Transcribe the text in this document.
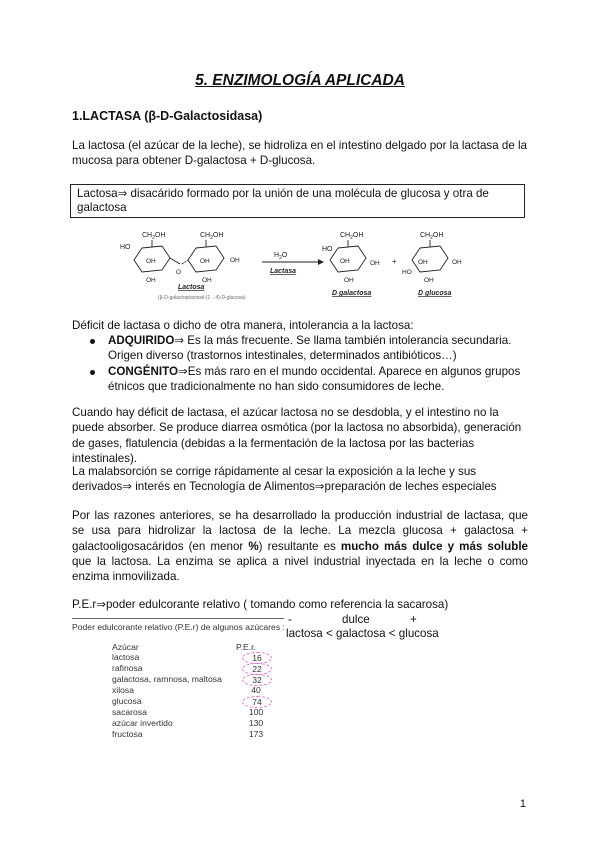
5. ENZIMOLOGÍA APLICADA
1.LACTASA (β-D-Galactosidasa)
La lactosa (el azúcar de la leche), se hidroliza en el intestino delgado por la lactasa de la mucosa para obtener D-galactosa + D-glucosa.
Lactosa⇒ disacárido formado por la unión de una molécula de glucosa y otra de galactosa
$CH_2OH$	$CH_2OH$
HO
OH
OH
O
OH
OH
OH
Lactosa
(β-D-galactopiranosil-(1→4)-D-glucosa)
$H_2O$
Lactasa
$CH_2OH$
HO
OH	OH
OH
D galactosa
+
$CH_2OH$
OH	OH
HO
OH
D glucosa
Déficit de lactasa o dicho de otra manera, intolerancia a la lactosa:
ADQUIRIDO⇒ Es la más frecuente. Se llama también intolerancia secundaria. Origen diverso (trastornos intestinales, determinados antibióticos…)
CONGÉNITO⇒Es más raro en el mundo occidental. Aparece en algunos grupos étnicos que tradicionalmente no han sido consumidores de leche.
Cuando hay déficit de lactasa, el azúcar lactosa no se desdobla, y el intestino no la puede absorber. Se produce diarrea osmótica (por la lactosa no absorbida), generación de gases, flatulencia (debidas a la fermentación de la lactosa por las bacterias intestinales).
La malabsorción se corrige rápidamente al cesar la exposición a la leche y sus derivados⇒ interés en Tecnología de Alimentos⇒preparación de leches especiales
Por las razones anteriores, se ha desarrollado la producción industrial de lactasa, que se usa para hidrolizar la lactosa de la leche. La mezcla glucosa + galactosa + galactooligosacáridos (en menor %) resultante es mucho más dulce y más soluble que la lactosa. La enzima se aplica a nivel industrial inyectada en la leche o como enzima inmovilizada.
P.E.r⇒poder edulcorante relativo ( tomando como referencia la sacarosa)
-	dulce	+
lactosa < galactosa < glucosa
Poder edulcorante relativo (P.E.r) de algunos azúcares :
Azúcar	P.E.r.
lactosa	16
rafinosa	22
galactosa, ramnosa, maltosa	32
xilosa	40
glucosa	74
sacarosa	100
azúcar invertido	130
fructosa	173
1
